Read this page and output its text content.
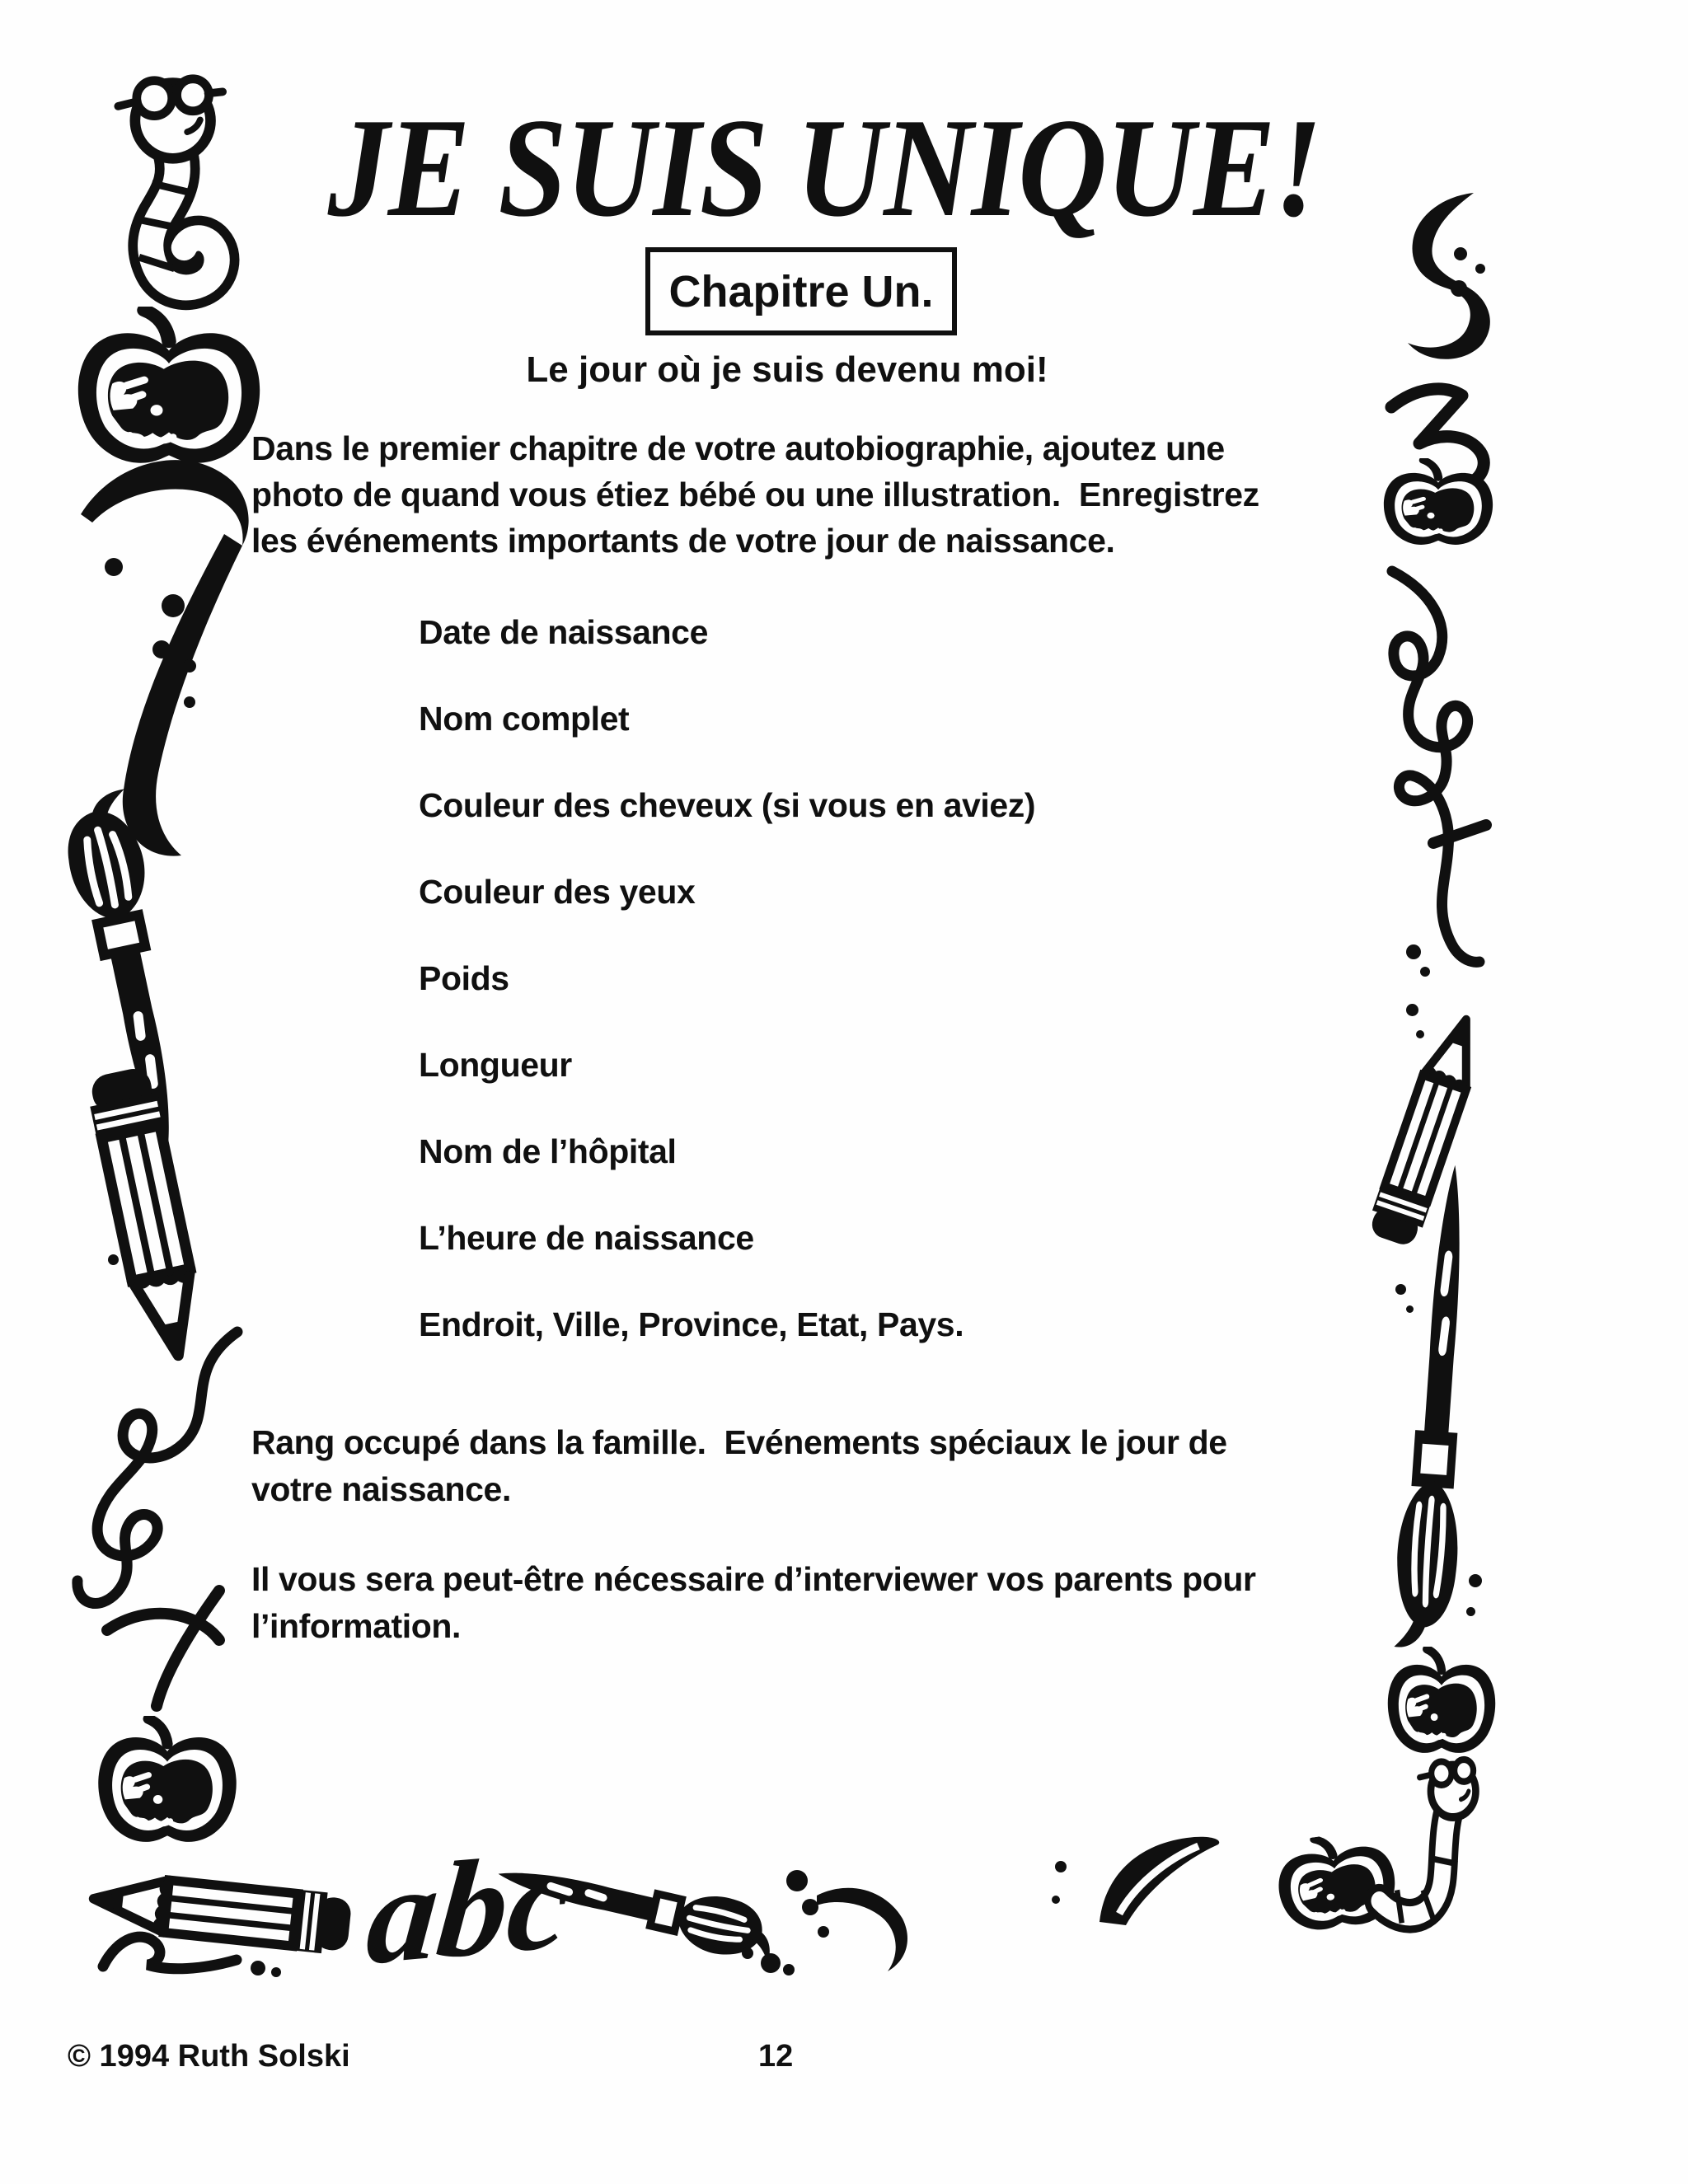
JE SUIS UNIQUE!
Chapitre Un.
Le jour où je suis devenu moi!
Dans le premier chapitre de votre autobiographie, ajoutez une
photo de quand vous étiez bébé ou une illustration.  Enregistrez
les événements importants de votre jour de naissance.
Date de naissance
Nom complet
Couleur des cheveux (si vous en aviez)
Couleur des yeux
Poids
Longueur
Nom de l’hôpital
L’heure de naissance
Endroit, Ville, Province, Etat, Pays.
Rang occupé dans la famille.  Evénements spéciaux le jour de
votre naissance.
Il vous sera peut-être nécessaire d’interviewer vos parents pour
l’information.
© 1994 Ruth Solski	12
abc
